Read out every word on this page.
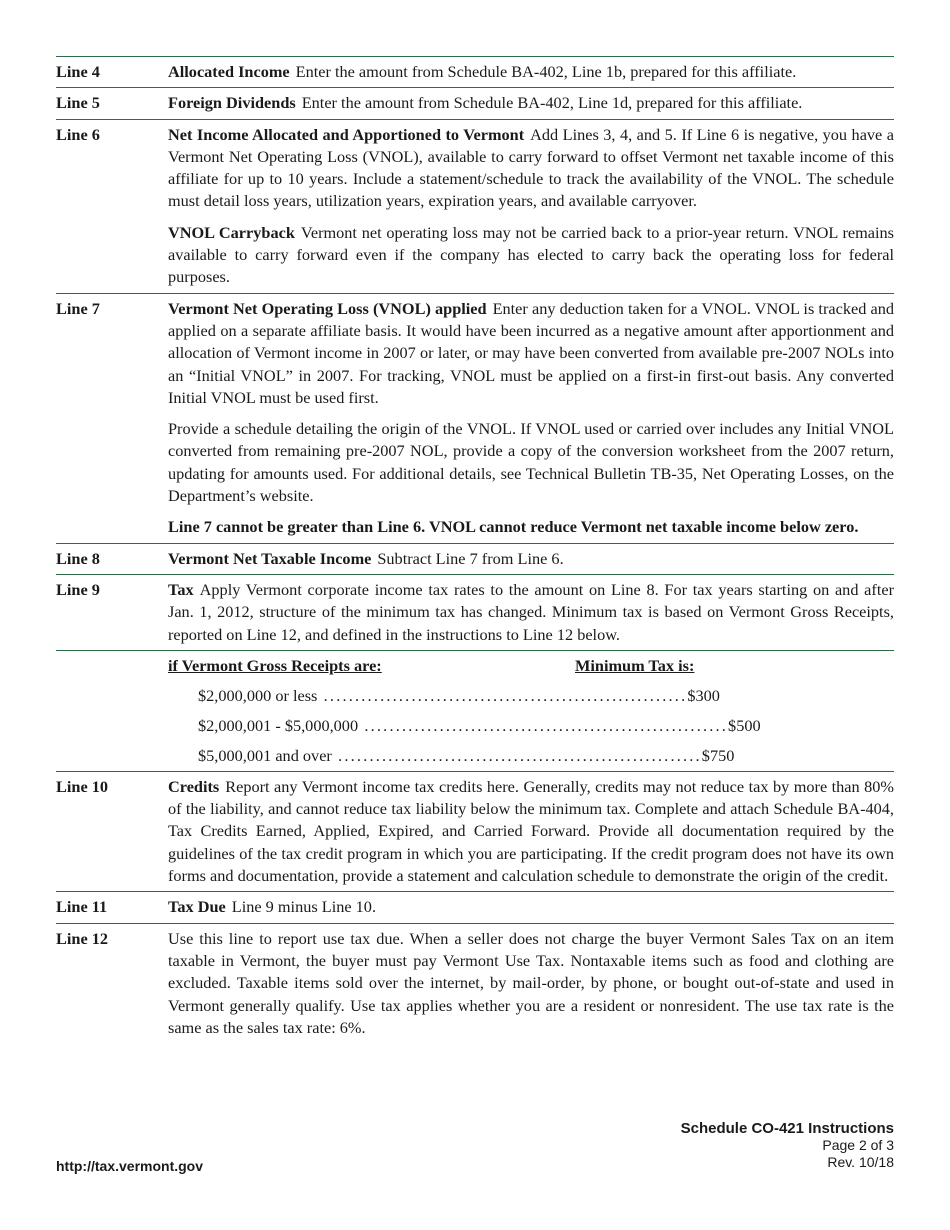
Line 4	Allocated Income Enter the amount from Schedule BA-402, Line 1b, prepared for this affiliate.

Line 5	Foreign Dividends Enter the amount from Schedule BA-402, Line 1d, prepared for this affiliate.

Line 6	Net Income Allocated and Apportioned to Vermont Add Lines 3, 4, and 5. If Line 6 is negative, you have a Vermont Net Operating Loss (VNOL), available to carry forward to offset Vermont net taxable income of this affiliate for up to 10 years. Include a statement/schedule to track the availability of the VNOL. The schedule must detail loss years, utilization years, expiration years, and available carryover.

VNOL Carryback Vermont net operating loss may not be carried back to a prior-year return. VNOL remains available to carry forward even if the company has elected to carry back the operating loss for federal purposes.

Line 7	Vermont Net Operating Loss (VNOL) applied Enter any deduction taken for a VNOL. VNOL is tracked and applied on a separate affiliate basis. It would have been incurred as a negative amount after apportionment and allocation of Vermont income in 2007 or later, or may have been converted from available pre-2007 NOLs into an “Initial VNOL” in 2007. For tracking, VNOL must be applied on a first-in first-out basis. Any converted Initial VNOL must be used first.

Provide a schedule detailing the origin of the VNOL. If VNOL used or carried over includes any Initial VNOL converted from remaining pre-2007 NOL, provide a copy of the conversion worksheet from the 2007 return, updating for amounts used. For additional details, see Technical Bulletin TB-35, Net Operating Losses, on the Department’s website.

Line 7 cannot be greater than Line 6. VNOL cannot reduce Vermont net taxable income below zero.

Line 8	Vermont Net Taxable Income Subtract Line 7 from Line 6.

Line 9	Tax Apply Vermont corporate income tax rates to the amount on Line 8. For tax years starting on and after Jan. 1, 2012, structure of the minimum tax has changed. Minimum tax is based on Vermont Gross Receipts, reported on Line 12, and defined in the instructions to Line 12 below.

if Vermont Gross Receipts are:	Minimum Tax is:
$2,000,000 or less .......................................................... $300
$2,000,001 - $5,000,000 .......................................................... $500
$5,000,001 and over .......................................................... $750
Line 10	Credits Report any Vermont income tax credits here. Generally, credits may not reduce tax by more than 80% of the liability, and cannot reduce tax liability below the minimum tax. Complete and attach Schedule BA-404, Tax Credits Earned, Applied, Expired, and Carried Forward. Provide all documentation required by the guidelines of the tax credit program in which you are participating. If the credit program does not have its own forms and documentation, provide a statement and calculation schedule to demonstrate the origin of the credit.

Line 11	Tax Due Line 9 minus Line 10.

Line 12	Use this line to report use tax due. When a seller does not charge the buyer Vermont Sales Tax on an item taxable in Vermont, the buyer must pay Vermont Use Tax. Nontaxable items such as food and clothing are excluded. Taxable items sold over the internet, by mail-order, by phone, or bought out-of-state and used in Vermont generally qualify. Use tax applies whether you are a resident or nonresident. The use tax rate is the same as the sales tax rate: 6%.

http://tax.vermont.gov
Schedule CO-421 Instructions
Page 2 of 3
Rev. 10/18
